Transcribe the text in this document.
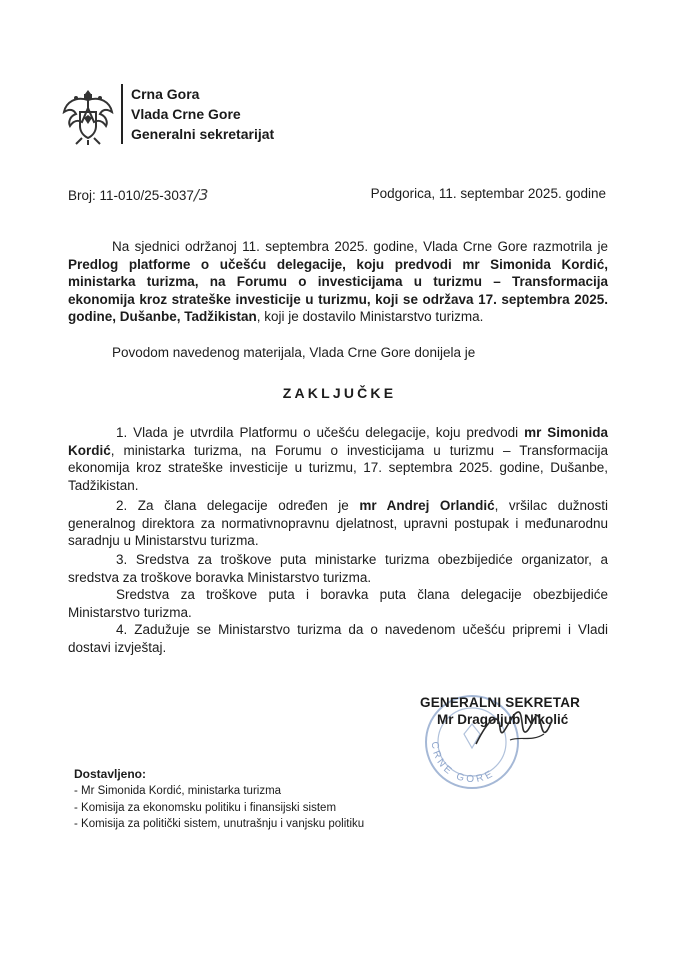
Crna Gora
Vlada Crne Gore
Generalni sekretarijat
Broj: 11-010/25-3037/3	Podgorica, 11. septembar 2025. godine
Na sjednici održanoj 11. septembra 2025. godine, Vlada Crne Gore razmotrila je Predlog platforme o učešću delegacije, koju predvodi mr Simonida Kordić, ministarka turizma, na Forumu o investicijama u turizmu – Transformacija ekonomija kroz strateške investicije u turizmu, koji se održava 17. septembra 2025. godine, Dušanbe, Tadžikistan, koji je dostavilo Ministarstvo turizma.
Povodom navedenog materijala, Vlada Crne Gore donijela je
ZAKLJUČKE
1. Vlada je utvrdila Platformu o učešću delegacije, koju predvodi mr Simonida Kordić, ministarka turizma, na Forumu o investicijama u turizmu – Transformacija ekonomija kroz strateške investicije u turizmu, 17. septembra 2025. godine, Dušanbe, Tadžikistan.
2. Za člana delegacije određen je mr Andrej Orlandić, vršilac dužnosti generalnog direktora za normativnopravnu djelatnost, upravni postupak i međunarodnu saradnju u Ministarstvu turizma.
3. Sredstva za troškove puta ministarke turizma obezbijediće organizator, a sredstva za troškove boravka Ministarstvo turizma.
Sredstva za troškove puta i boravka puta člana delegacije obezbijediće Ministarstvo turizma.
4. Zadužuje se Ministarstvo turizma da o navedenom učešću pripremi i Vladi dostavi izvještaj.
CRNE GORE
GENERALNI SEKRETAR
Mr Dragoljub Nikolić
Dostavljeno:
- Mr Simonida Kordić, ministarka turizma
- Komisija za ekonomsku politiku i finansijski sistem
- Komisija za politički sistem, unutrašnju i vanjsku politiku
